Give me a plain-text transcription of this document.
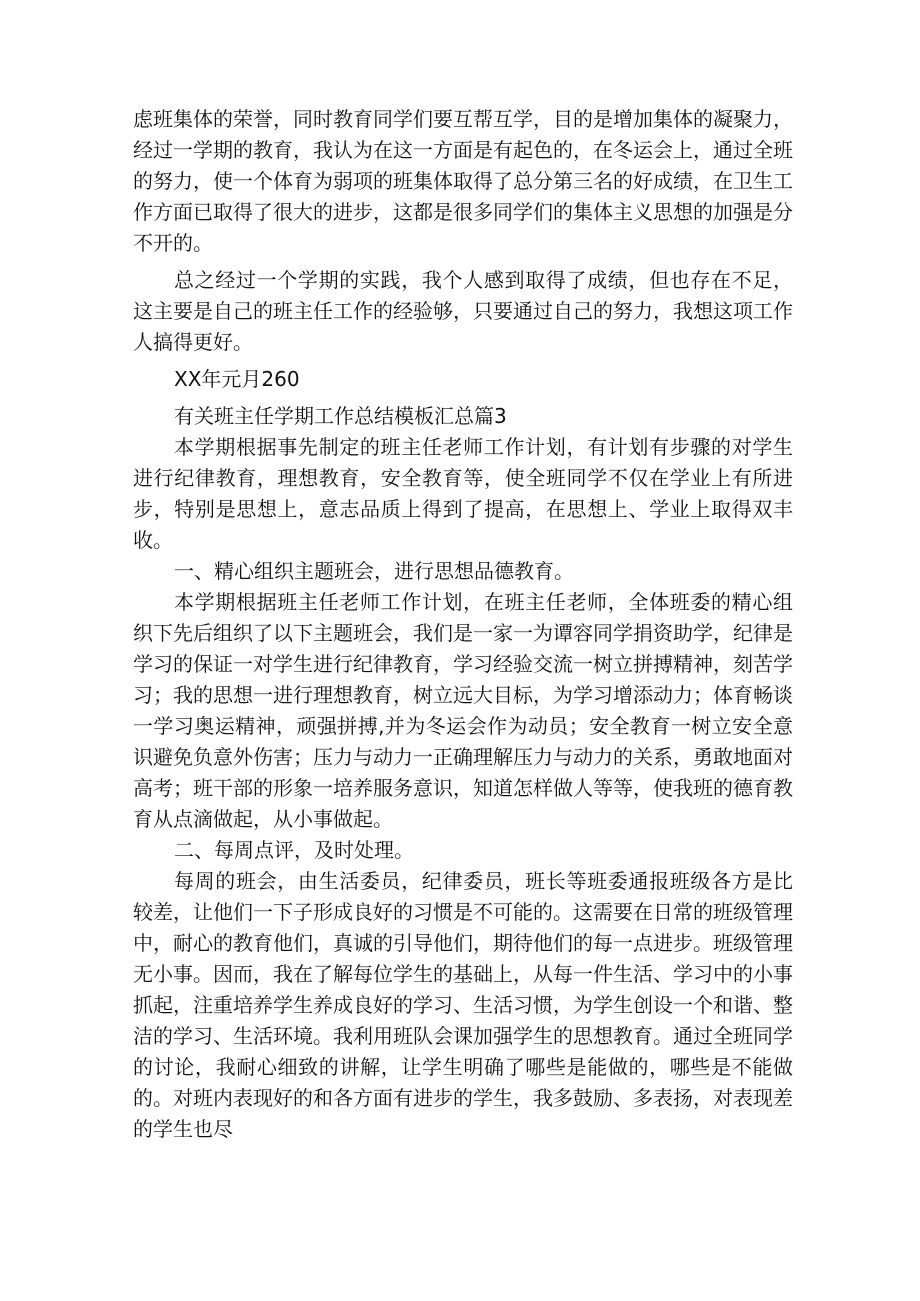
虑班集体的荣誉，同时教育同学们要互帮互学，目的是增加集体的凝聚力，经过一学期的教育，我认为在这一方面是有起色的，在冬运会上，通过全班的努力，使一个体育为弱项的班集体取得了总分第三名的好成绩，在卫生工作方面已取得了很大的进步，这都是很多同学们的集体主义思想的加强是分不开的。

总之经过一个学期的实践，我个人感到取得了成绩，但也存在不足，这主要是自己的班主任工作的经验够，只要通过自己的努力，我想这项工作人搞得更好。

XX年元月260

有关班主任学期工作总结模板汇总篇3

本学期根据事先制定的班主任老师工作计划，有计划有步骤的对学生进行纪律教育，理想教育，安全教育等，使全班同学不仅在学业上有所进步，特别是思想上，意志品质上得到了提高，在思想上、学业上取得双丰收。

一、精心组织主题班会，进行思想品德教育。

本学期根据班主任老师工作计划，在班主任老师，全体班委的精心组织下先后组织了以下主题班会，我们是一家一为谭容同学捐资助学，纪律是学习的保证一对学生进行纪律教育，学习经验交流一树立拼搏精神，刻苦学习；我的思想一进行理想教育，树立远大目标，为学习增添动力；体育畅谈一学习奥运精神，顽强拼搏,并为冬运会作为动员；安全教育一树立安全意识避免负意外伤害；压力与动力一正确理解压力与动力的关系，勇敢地面对高考；班干部的形象一培养服务意识，知道怎样做人等等，使我班的德育教育从点滴做起，从小事做起。

二、每周点评，及时处理。

每周的班会，由生活委员，纪律委员，班长等班委通报班级各方是比较差，让他们一下子形成良好的习惯是不可能的。这需要在日常的班级管理中，耐心的教育他们，真诚的引导他们，期待他们的每一点进步。班级管理无小事。因而，我在了解每位学生的基础上，从每一件生活、学习中的小事抓起，注重培养学生养成良好的学习、生活习惯，为学生创设一个和谐、整洁的学习、生活环境。我利用班队会课加强学生的思想教育。通过全班同学的讨论，我耐心细致的讲解，让学生明确了哪些是能做的，哪些是不能做的。对班内表现好的和各方面有进步的学生，我多鼓励、多表扬，对表现差的学生也尽
